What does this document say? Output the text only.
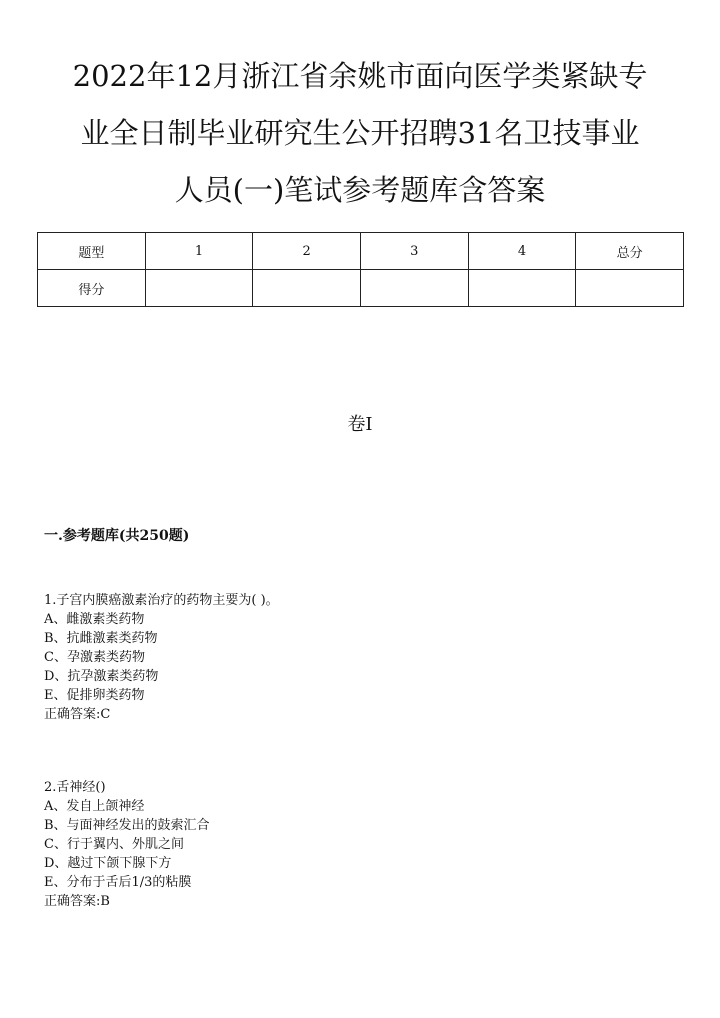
2022年12月浙江省余姚市面向医学类紧缺专
业全日制毕业研究生公开招聘31名卫技事业
人员(一)笔试参考题库含答案
题型	1	2	3	4	总分
得分					
卷I
一.参考题库(共250题)
1.子宫内膜癌激素治疗的药物主要为( )。
A、雌激素类药物
B、抗雌激素类药物
C、孕激素类药物
D、抗孕激素类药物
E、促排卵类药物
正确答案:C
2.舌神经()
A、发自上颌神经
B、与面神经发出的鼓索汇合
C、行于翼内、外肌之间
D、越过下颌下腺下方
E、分布于舌后1/3的粘膜
正确答案:B
